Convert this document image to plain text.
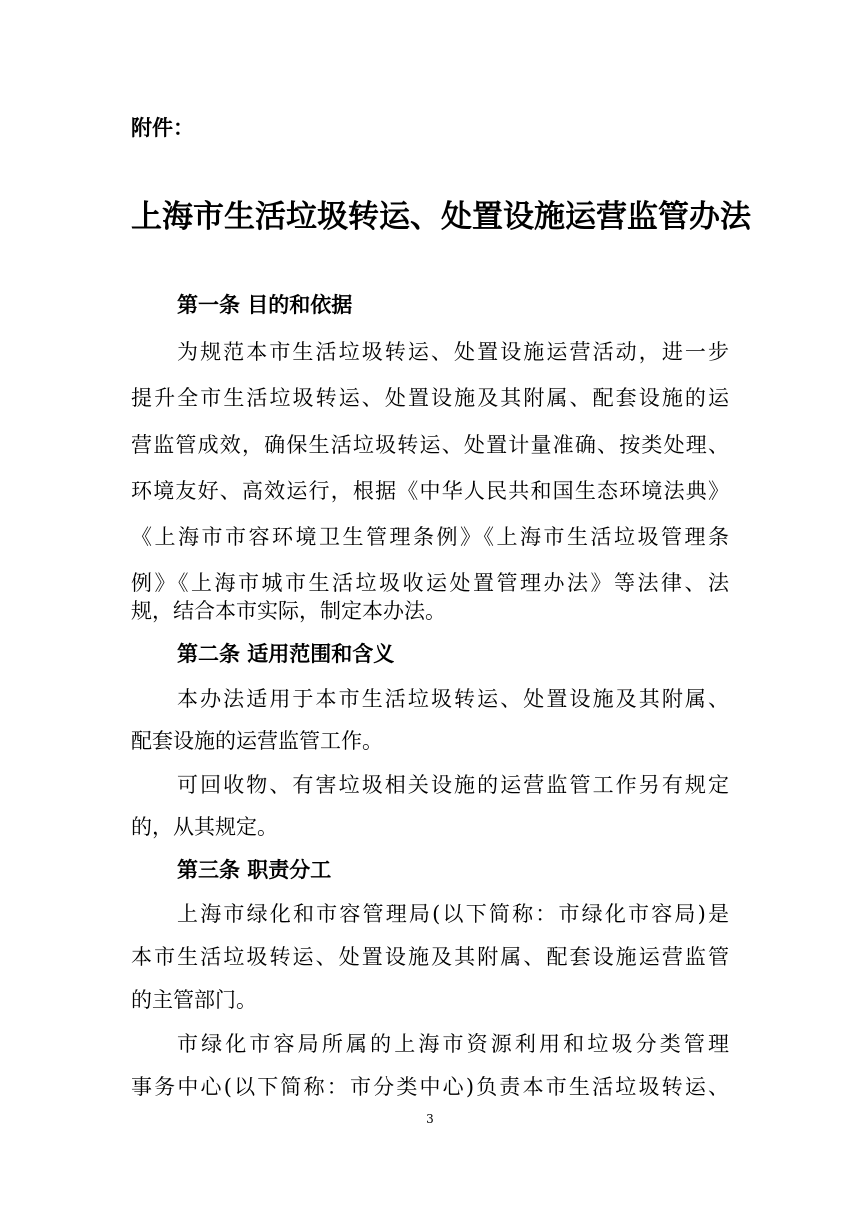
附件：
上海市生活垃圾转运、处置设施运营监管办法
第一条 目的和依据
为规范本市生活垃圾转运、处置设施运营活动，进一步
提升全市生活垃圾转运、处置设施及其附属、配套设施的运
营监管成效，确保生活垃圾转运、处置计量准确、按类处理、
环境友好、高效运行，根据《中华人民共和国生态环境法典》
《上海市市容环境卫生管理条例》《上海市生活垃圾管理条
例》《上海市城市生活垃圾收运处置管理办法》等法律、法
规，结合本市实际，制定本办法。
第二条 适用范围和含义
本办法适用于本市生活垃圾转运、处置设施及其附属、
配套设施的运营监管工作。
可回收物、有害垃圾相关设施的运营监管工作另有规定
的，从其规定。
第三条 职责分工
上海市绿化和市容管理局(以下简称：市绿化市容局)是
本市生活垃圾转运、处置设施及其附属、配套设施运营监管
的主管部门。
市绿化市容局所属的上海市资源利用和垃圾分类管理
事务中心(以下简称：市分类中心)负责本市生活垃圾转运、
3
